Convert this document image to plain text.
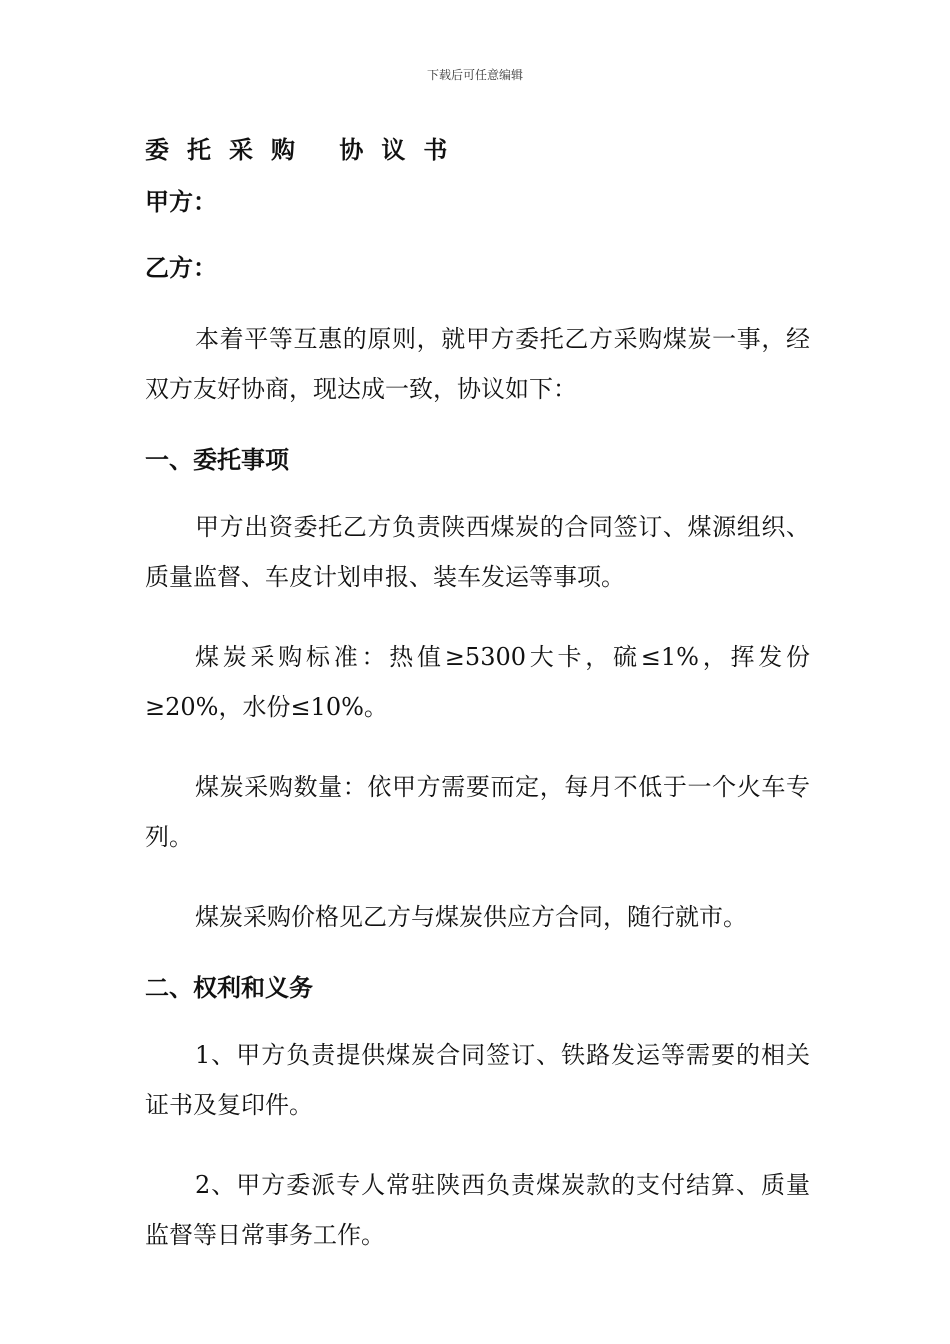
下载后可任意编辑
委托采购 协议书

甲方：

乙方：

本着平等互惠的原则，就甲方委托乙方采购煤炭一事，经双方友好协商，现达成一致，协议如下：

一、委托事项

甲方出资委托乙方负责陕西煤炭的合同签订、煤源组织、质量监督、车皮计划申报、装车发运等事项。

煤炭采购标准：热值≥5300大卡，硫≤1%，挥发份≥20%，水份≤10%。

煤炭采购数量：依甲方需要而定，每月不低于一个火车专列。

煤炭采购价格见乙方与煤炭供应方合同，随行就市。

二、权利和义务

1、甲方负责提供煤炭合同签订、铁路发运等需要的相关证书及复印件。

2、甲方委派专人常驻陕西负责煤炭款的支付结算、质量监督等日常事务工作。
